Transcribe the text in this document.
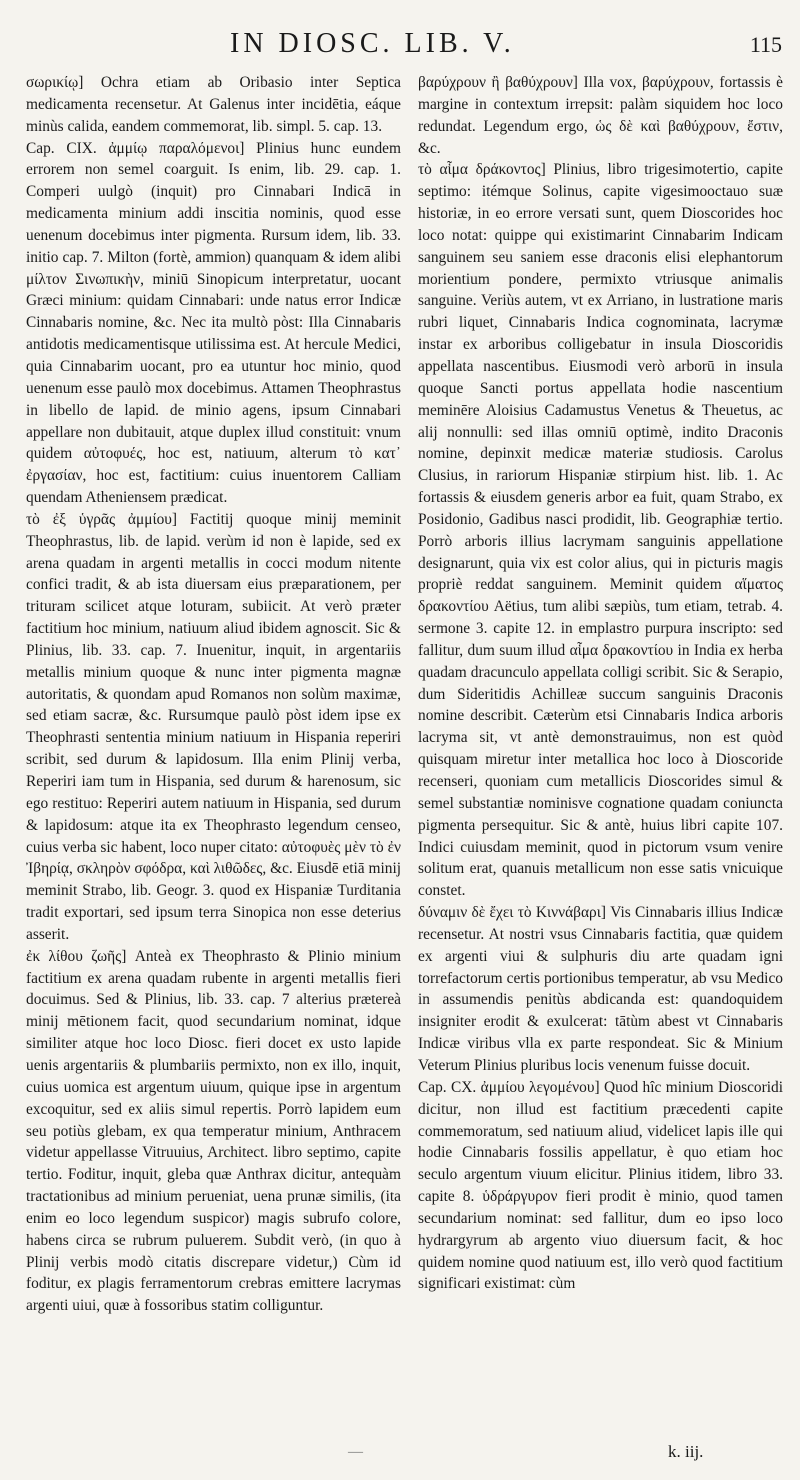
IN DIOSC. LIB. V.	115

σωρικίῳ] Ochra etiam ab Oribasio inter Septica medicamenta recensetur. At Galenus inter incidētia, eáque minùs calida, eandem commemorat, lib. simpl. 5. cap. 13.

Cap. CIX. ἀμμίῳ παραλόμενοι] Plinius hunc eundem errorem non semel coarguit. Is enim, lib. 29. cap. 1. Comperi uulgò (inquit) pro Cinnabari Indicā in medicamenta minium addi inscitia nominis, quod esse uenenum docebimus inter pigmenta. Rursum idem, lib. 33. initio cap. 7. Milton (fortè, ammion) quanquam & idem alibi μίλτον Σινωπικὴν, miniū Sinopicum interpretatur, uocant Græci minium: quidam Cinnabari: unde natus error Indicæ Cinnabaris nomine, &c. Nec ita multò pòst: Illa Cinnabaris antidotis medicamentisque utilissima est. At hercule Medici, quia Cinnabarim uocant, pro ea utuntur hoc minio, quod uenenum esse paulò mox docebimus. Attamen Theophrastus in libello de lapid. de minio agens, ipsum Cinnabari appellare non dubitauit, atque duplex illud constituit: vnum quidem αὐτοφυές, hoc est, natiuum, alterum τὸ κατ᾽ ἐργασίαν, hoc est, factitium: cuius inuentorem Calliam quendam Atheniensem prædicat.

τὸ ἐξ ὑγρᾶς ἀμμίου] Factitij quoque minij meminit Theophrastus, lib. de lapid. verùm id non è lapide, sed ex arena quadam in argenti metallis in cocci modum nitente confici tradit, & ab ista diuersam eius præparationem, per trituram scilicet atque loturam, subiicit. At verò præter factitium hoc minium, natiuum aliud ibidem agnoscit. Sic & Plinius, lib. 33. cap. 7. Inuenitur, inquit, in argentariis metallis minium quoque & nunc inter pigmenta magnæ autoritatis, & quondam apud Romanos non solùm maximæ, sed etiam sacræ, &c. Rursumque paulò pòst idem ipse ex Theophrasti sententia minium natiuum in Hispania reperiri scribit, sed durum & lapidosum. Illa enim Plinij verba, Reperiri iam tum in Hispania, sed durum & harenosum, sic ego restituo: Reperiri autem natiuum in Hispania, sed durum & lapidosum: atque ita ex Theophrasto legendum censeo, cuius verba sic habent, loco nuper citato: αὐτοφυὲς μὲν τὸ ἐν Ἰβηρίᾳ, σκληρὸν σφόδρα, καὶ λιθῶδες, &c. Eiusdē etiā minij meminit Strabo, lib. Geogr. 3. quod ex Hispaniæ Turditania tradit exportari, sed ipsum terra Sinopica non esse deterius asserit.

ἐκ λίθου ζωῆς] Anteà ex Theophrasto & Plinio minium factitium ex arena quadam rubente in argenti metallis fieri docuimus. Sed & Plinius, lib. 33. cap. 7 alterius prætereà minij mētionem facit, quod secundarium nominat, idque similiter atque hoc loco Diosc. fieri docet ex usto lapide uenis argentariis & plumbariis permixto, non ex illo, inquit, cuius uomica est argentum uiuum, quique ipse in argentum excoquitur, sed ex aliis simul repertis. Porrò lapidem eum seu potiùs glebam, ex qua temperatur minium, Anthracem videtur appellasse Vitruuius, Architect. libro septimo, capite tertio. Foditur, inquit, gleba quæ Anthrax dicitur, antequàm tractationibus ad minium perueniat, uena prunæ similis, (ita enim eo loco legendum suspicor) magis subrufo colore, habens circa se rubrum puluerem. Subdit verò, (in quo à Plinij verbis modò citatis discrepare videtur,) Cùm id foditur, ex plagis ferramentorum crebras emittere lacrymas argenti uiui, quæ à fossoribus statim colliguntur.

βαρύχρουν ἢ βαθύχρουν] Illa vox, βαρύχρουν, fortassis è margine in contextum irrepsit: palàm siquidem hoc loco redundat. Legendum ergo, ὡς δὲ καὶ βαθύχρουν, ἔστιν, &c.

τὸ αἷμα δράκοντος] Plinius, libro trigesimotertio, capite septimo: itémque Solinus, capite vigesimooctauo suæ historiæ, in eo errore versati sunt, quem Dioscorides hoc loco notat: quippe qui existimarint Cinnabarim Indicam sanguinem seu saniem esse draconis elisi elephantorum morientium pondere, permixto vtriusque animalis sanguine. Veriùs autem, vt ex Arriano, in lustratione maris rubri liquet, Cinnabaris Indica cognominata, lacrymæ instar ex arboribus colligebatur in insula Dioscoridis appellata nascentibus. Eiusmodi verò arborū in insula quoque Sancti portus appellata hodie nascentium meminēre Aloisius Cadamustus Venetus & Theuetus, ac alij nonnulli: sed illas omniū optimè, indito Draconis nomine, depinxit medicæ materiæ studiosis. Carolus Clusius, in rariorum Hispaniæ stirpium hist. lib. 1. Ac fortassis & eiusdem generis arbor ea fuit, quam Strabo, ex Posidonio, Gadibus nasci prodidit, lib. Geographiæ tertio. Porrò arboris illius lacrymam sanguinis appellatione designarunt, quia vix est color alius, qui in picturis magis propriè reddat sanguinem. Meminit quidem αἵματος δρακοντίου Aëtius, tum alibi sæpiùs, tum etiam, tetrab. 4. sermone 3. capite 12. in emplastro purpura inscripto: sed fallitur, dum suum illud αἷμα δρακοντίου in India ex herba quadam dracunculo appellata colligi scribit. Sic & Serapio, dum Sideritidis Achilleæ succum sanguinis Draconis nomine describit. Cæterùm etsi Cinnabaris Indica arboris lacryma sit, vt antè demonstrauimus, non est quòd quisquam miretur inter metallica hoc loco à Dioscoride recenseri, quoniam cum metallicis Dioscorides simul & semel substantiæ nominisve cognatione quadam coniuncta pigmenta persequitur. Sic & antè, huius libri capite 107. Indici cuiusdam meminit, quod in pictorum vsum venire solitum erat, quanuis metallicum non esse satis vnicuique constet.

δύναμιν δὲ ἔχει τὸ Κιννάβαρι] Vis Cinnabaris illius Indicæ recensetur. At nostri vsus Cinnabaris factitia, quæ quidem ex argenti viui & sulphuris diu arte quadam igni torrefactorum certis portionibus temperatur, ab vsu Medico in assumendis penitùs abdicanda est: quandoquidem insigniter erodit & exulcerat: tātùm abest vt Cinnabaris Indicæ viribus vlla ex parte respondeat. Sic & Minium Veterum Plinius pluribus locis venenum fuisse docuit.

Cap. CX. ἀμμίου λεγομένου] Quod hîc minium Dioscoridi dicitur, non illud est factitium præcedenti capite commemoratum, sed natiuum aliud, videlicet lapis ille qui hodie Cinnabaris fossilis appellatur, è quo etiam hoc seculo argentum viuum elicitur. Plinius itidem, libro 33. capite 8. ὑδράργυρον fieri prodit è minio, quod tamen secundarium nominat: sed fallitur, dum eo ipso loco hydrargyrum ab argento viuo diuersum facit, & hoc quidem nomine quod natiuum est, illo verò quod factitium significari existimat: cùm

—	k. iij.
